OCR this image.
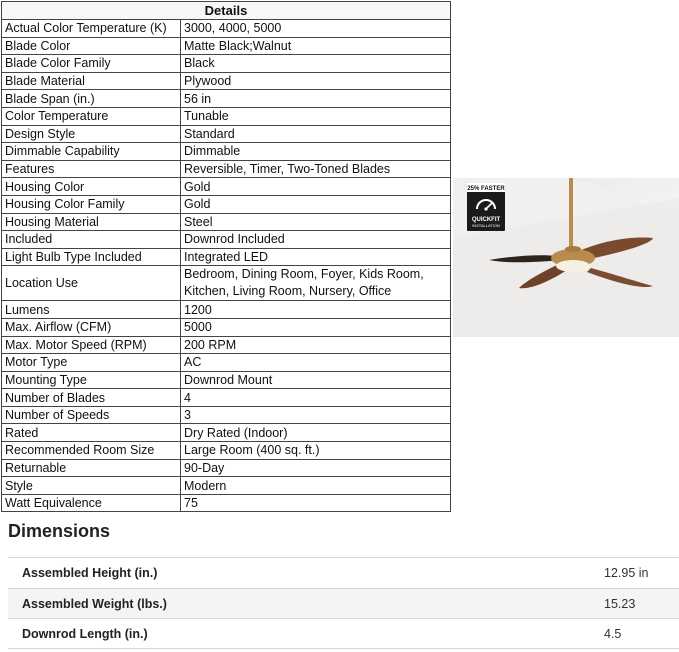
Details	
Actual Color Temperature (K)	3000, 4000, 5000
Blade Color	Matte Black;Walnut
Blade Color Family	Black
Blade Material	Plywood
Blade Span (in.)	56 in
Color Temperature	Tunable
Design Style	Standard
Dimmable Capability	Dimmable
Features	Reversible, Timer, Two-Toned Blades
Housing Color	Gold
Housing Color Family	Gold
Housing Material	Steel
Included	Downrod Included
Light Bulb Type Included	Integrated LED
Location Use	Bedroom, Dining Room, Foyer, Kids Room, Kitchen, Living Room, Nursery, Office
Lumens	1200
Max. Airflow (CFM)	5000
Max. Motor Speed (RPM)	200 RPM
Motor Type	AC
Mounting Type	Downrod Mount
Number of Blades	4
Number of Speeds	3
Rated	Dry Rated (Indoor)
Recommended Room Size	Large Room (400 sq. ft.)
Returnable	90-Day
Style	Modern
Watt Equivalence	75
25% FASTER
QUICKFIT
INSTALLATION
Dimensions
Assembled Height (in.)	12.95 in
Assembled Weight (lbs.)	15.23
Downrod Length (in.)	4.5
